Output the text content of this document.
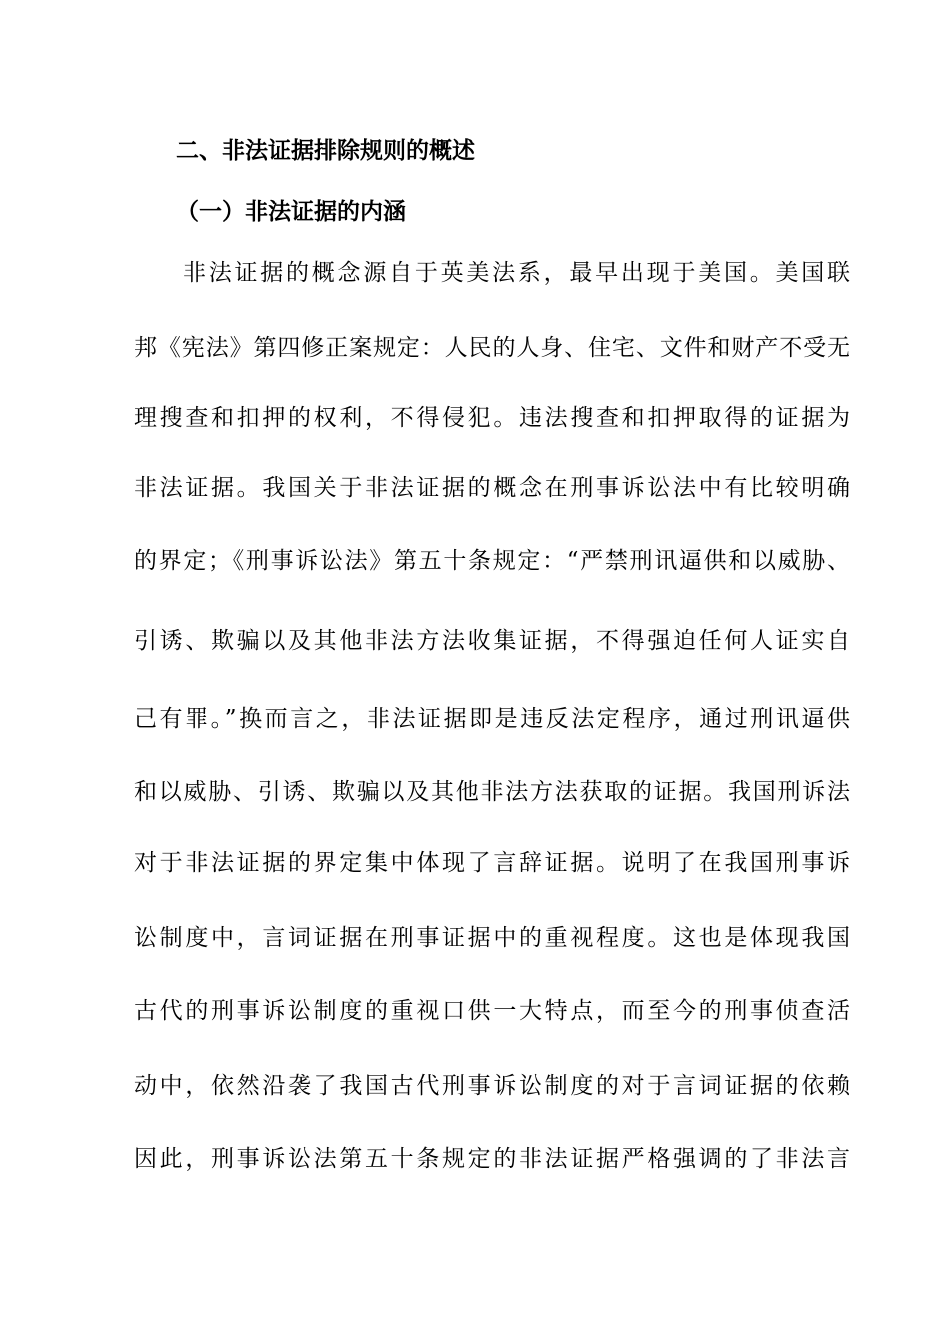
二、非法证据排除规则的概述
（一）非法证据的内涵
非法证据的概念源自于英美法系，最早出现于美国。美国联
邦《宪法》第四修正案规定：人民的人身、住宅、文件和财产不受无
理搜查和扣押的权利，不得侵犯。违法搜查和扣押取得的证据为
非法证据。我国关于非法证据的概念在刑事诉讼法中有比较明确
的界定；《刑事诉讼法》第五十条规定：“严禁刑讯逼供和以威胁、
引诱、欺骗以及其他非法方法收集证据，不得强迫任何人证实自
己有罪。”换而言之，非法证据即是违反法定程序，通过刑讯逼供
和以威胁、引诱、欺骗以及其他非法方法获取的证据。我国刑诉法
对于非法证据的界定集中体现了言辞证据。说明了在我国刑事诉
讼制度中，言词证据在刑事证据中的重视程度。这也是体现我国
古代的刑事诉讼制度的重视口供一大特点，而至今的刑事侦查活
动中，依然沿袭了我国古代刑事诉讼制度的对于言词证据的依赖
因此，刑事诉讼法第五十条规定的非法证据严格强调的了非法言
